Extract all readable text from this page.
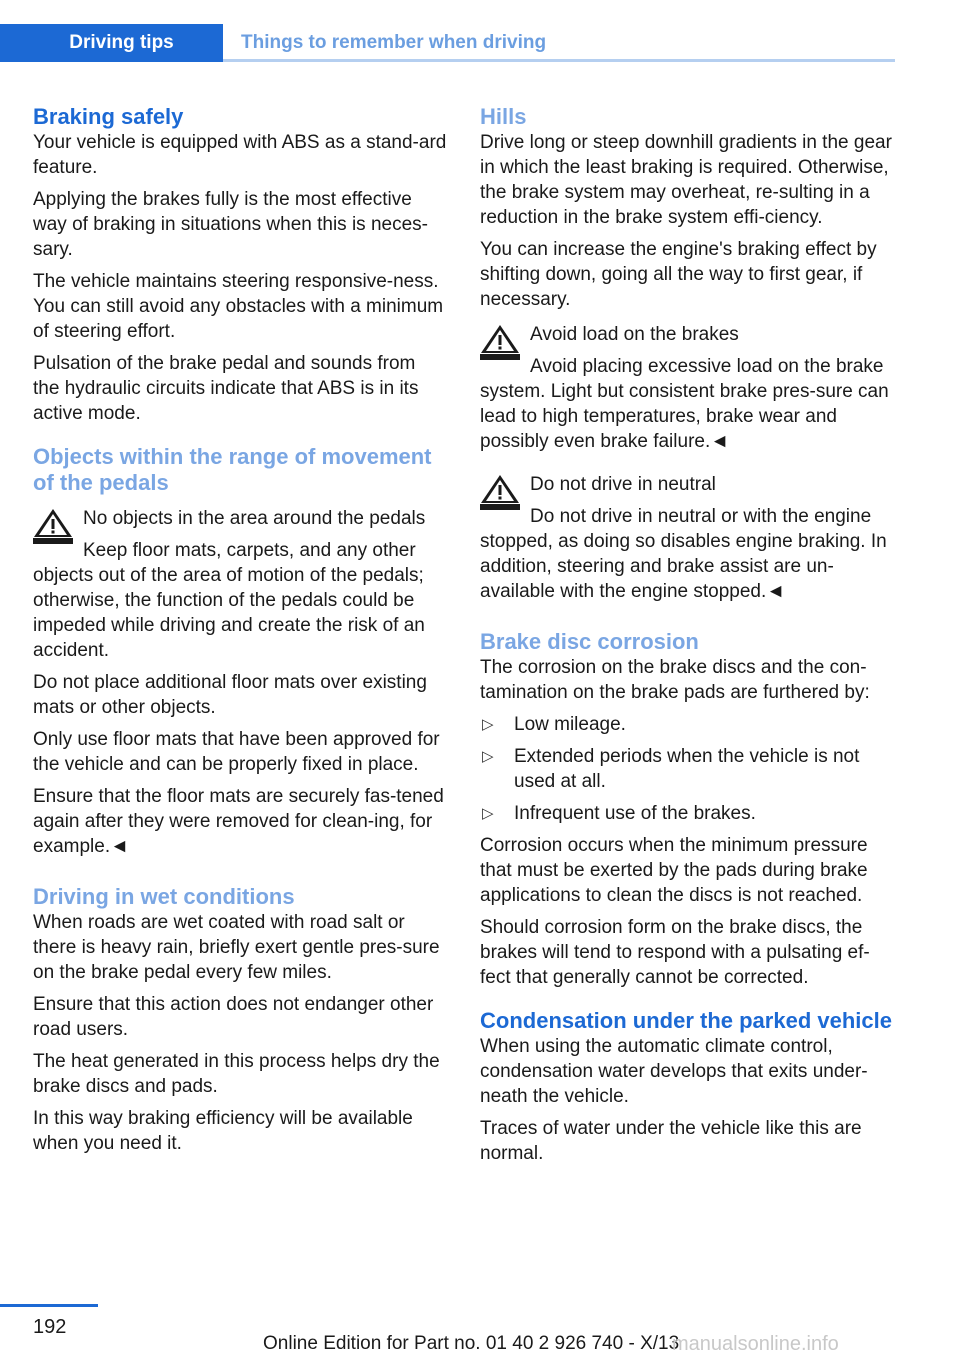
Driving tips	Things to remember when driving
Braking safely

Your vehicle is equipped with ABS as a stand‐ard feature.

Applying the brakes fully is the most effective way of braking in situations when this is neces‐sary.

The vehicle maintains steering responsive‐ness. You can still avoid any obstacles with a minimum of steering effort.

Pulsation of the brake pedal and sounds from the hydraulic circuits indicate that ABS is in its active mode.

Objects within the range of movement of the pedals

No objects in the area around the pedals

Keep floor mats, carpets, and any other objects out of the area of motion of the pedals; otherwise, the function of the pedals could be impeded while driving and create the risk of an accident.

Do not place additional floor mats over existing mats or other objects.

Only use floor mats that have been approved for the vehicle and can be properly fixed in place.

Ensure that the floor mats are securely fas‐tened again after they were removed for clean‐ing, for example.◄

Driving in wet conditions

When roads are wet coated with road salt or there is heavy rain, briefly exert gentle pres‐sure on the brake pedal every few miles.

Ensure that this action does not endanger other road users.

The heat generated in this process helps dry the brake discs and pads.

In this way braking efficiency will be available when you need it.

Hills

Drive long or steep downhill gradients in the gear in which the least braking is required. Otherwise, the brake system may overheat, re‐sulting in a reduction in the brake system effi‐ciency.

You can increase the engine's braking effect by shifting down, going all the way to first gear, if necessary.

Avoid load on the brakes

Avoid placing excessive load on the brake system. Light but consistent brake pres‐sure can lead to high temperatures, brake wear and possibly even brake failure.◄

Do not drive in neutral

Do not drive in neutral or with the engine stopped, as doing so disables engine braking. In addition, steering and brake assist are un‐available with the engine stopped.◄

Brake disc corrosion

The corrosion on the brake discs and the con‐tamination on the brake pads are furthered by:

▷ Low mileage.
▷ Extended periods when the vehicle is not used at all.
▷ Infrequent use of the brakes.

Corrosion occurs when the minimum pressure that must be exerted by the pads during brake applications to clean the discs is not reached.

Should corrosion form on the brake discs, the brakes will tend to respond with a pulsating ef‐fect that generally cannot be corrected.

Condensation under the parked vehicle

When using the automatic climate control, condensation water develops that exits under‐neath the vehicle.

Traces of water under the vehicle like this are normal.

192
Online Edition for Part no. 01 40 2 926 740 - X/13
manualsonline.info
